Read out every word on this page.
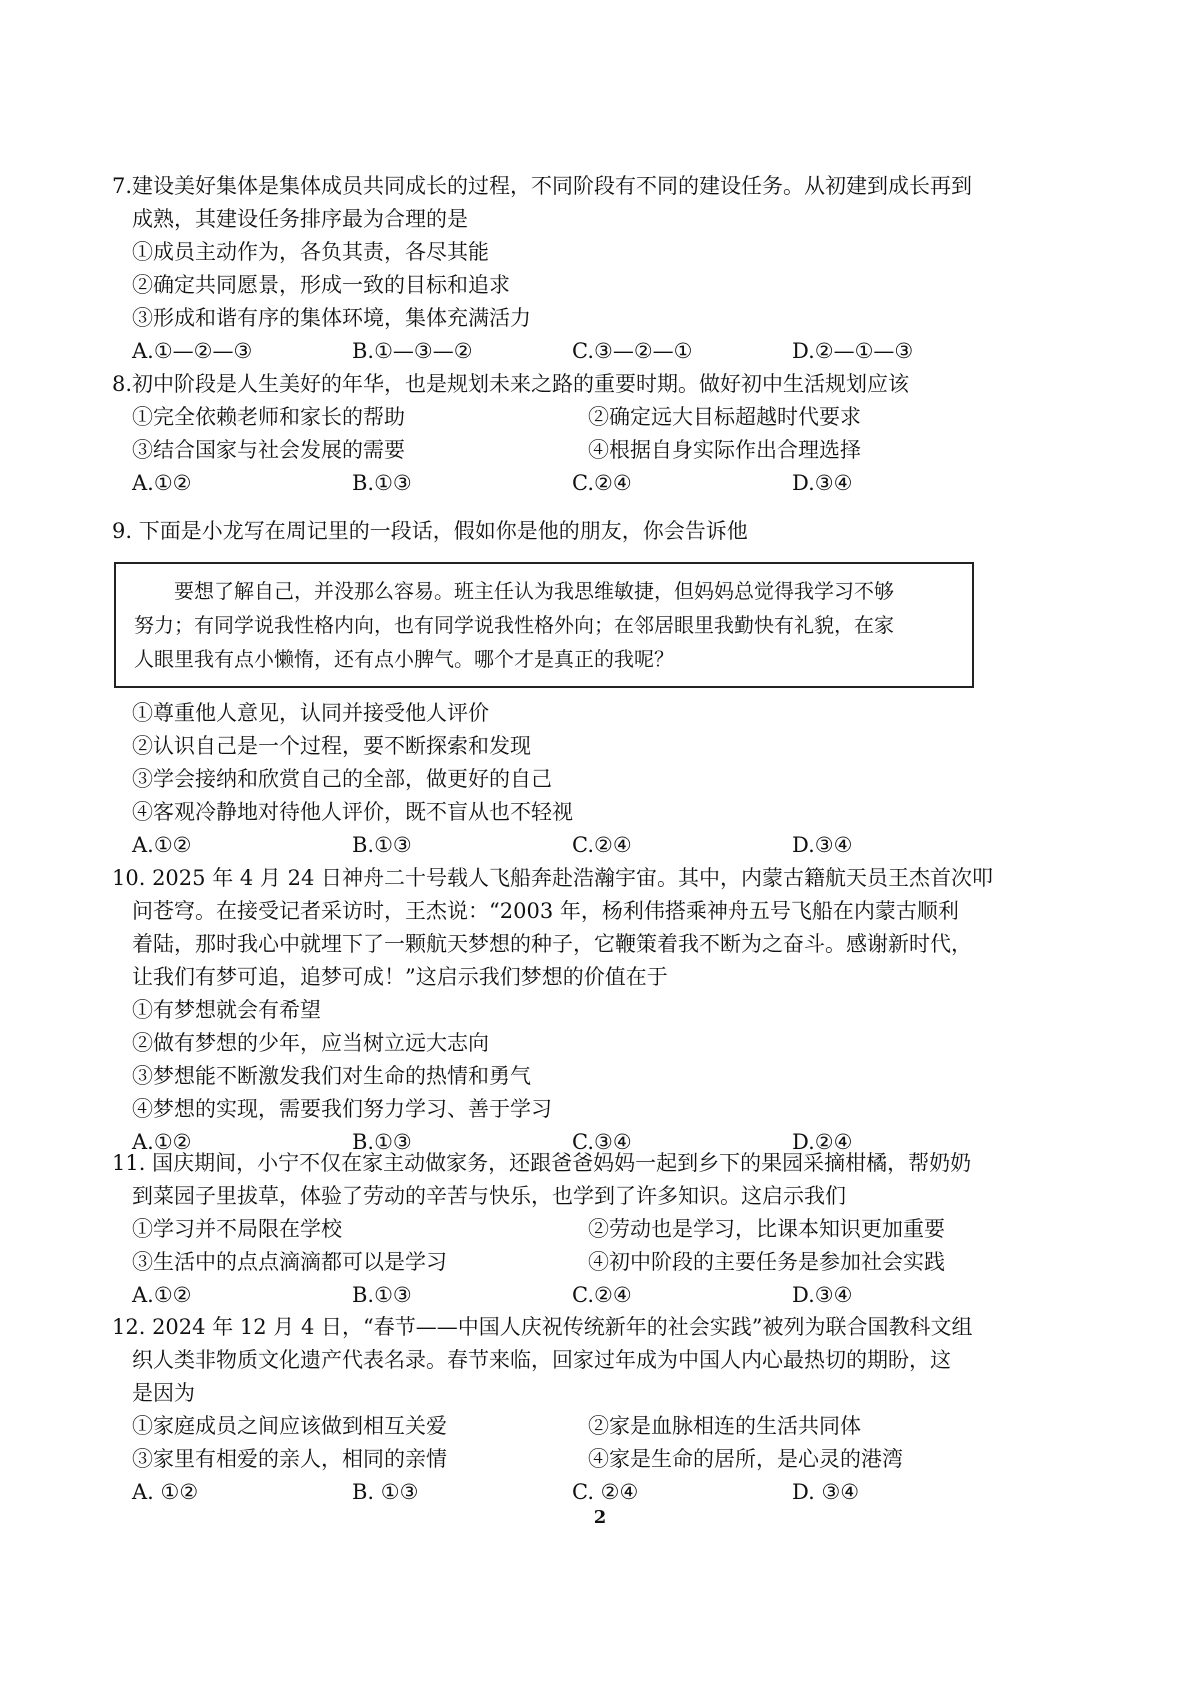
7.建设美好集体是集体成员共同成长的过程，不同阶段有不同的建设任务。从初建到成长再到
成熟，其建设任务排序最为合理的是
①成员主动作为，各负其责，各尽其能
②确定共同愿景，形成一致的目标和追求
③形成和谐有序的集体环境，集体充满活力
A.①—②—③	B.①—③—②	C.③—②—①	D.②—①—③
8.初中阶段是人生美好的年华，也是规划未来之路的重要时期。做好初中生活规划应该
①完全依赖老师和家长的帮助	②确定远大目标超越时代要求
③结合国家与社会发展的需要	④根据自身实际作出合理选择
A.①②	B.①③	C.②④	D.③④
9. 下面是小龙写在周记里的一段话，假如你是他的朋友，你会告诉他
要想了解自己，并没那么容易。班主任认为我思维敏捷，但妈妈总觉得我学习不够
努力；有同学说我性格内向，也有同学说我性格外向；在邻居眼里我勤快有礼貌，在家
人眼里我有点小懒惰，还有点小脾气。哪个才是真正的我呢？
①尊重他人意见，认同并接受他人评价
②认识自己是一个过程，要不断探索和发现
③学会接纳和欣赏自己的全部，做更好的自己
④客观冷静地对待他人评价，既不盲从也不轻视
A.①②	B.①③	C.②④	D.③④
10. 2025 年 4 月 24 日神舟二十号载人飞船奔赴浩瀚宇宙。其中，内蒙古籍航天员王杰首次叩
问苍穹。在接受记者采访时，王杰说：“2003 年，杨利伟搭乘神舟五号飞船在内蒙古顺利
着陆，那时我心中就埋下了一颗航天梦想的种子，它鞭策着我不断为之奋斗。感谢新时代，
让我们有梦可追，追梦可成！”这启示我们梦想的价值在于
①有梦想就会有希望
②做有梦想的少年，应当树立远大志向
③梦想能不断激发我们对生命的热情和勇气
④梦想的实现，需要我们努力学习、善于学习
A.①②	B.①③	C.③④	D.②④
11. 国庆期间，小宁不仅在家主动做家务，还跟爸爸妈妈一起到乡下的果园采摘柑橘，帮奶奶
到菜园子里拔草，体验了劳动的辛苦与快乐，也学到了许多知识。这启示我们
①学习并不局限在学校	②劳动也是学习，比课本知识更加重要
③生活中的点点滴滴都可以是学习	④初中阶段的主要任务是参加社会实践
A.①②	B.①③	C.②④	D.③④
12. 2024 年 12 月 4 日，“春节——中国人庆祝传统新年的社会实践”被列为联合国教科文组
织人类非物质文化遗产代表名录。春节来临，回家过年成为中国人内心最热切的期盼，这
是因为
①家庭成员之间应该做到相互关爱	②家是血脉相连的生活共同体
③家里有相爱的亲人，相同的亲情	④家是生命的居所，是心灵的港湾
A. ①②	B. ①③	C. ②④	D. ③④
2
